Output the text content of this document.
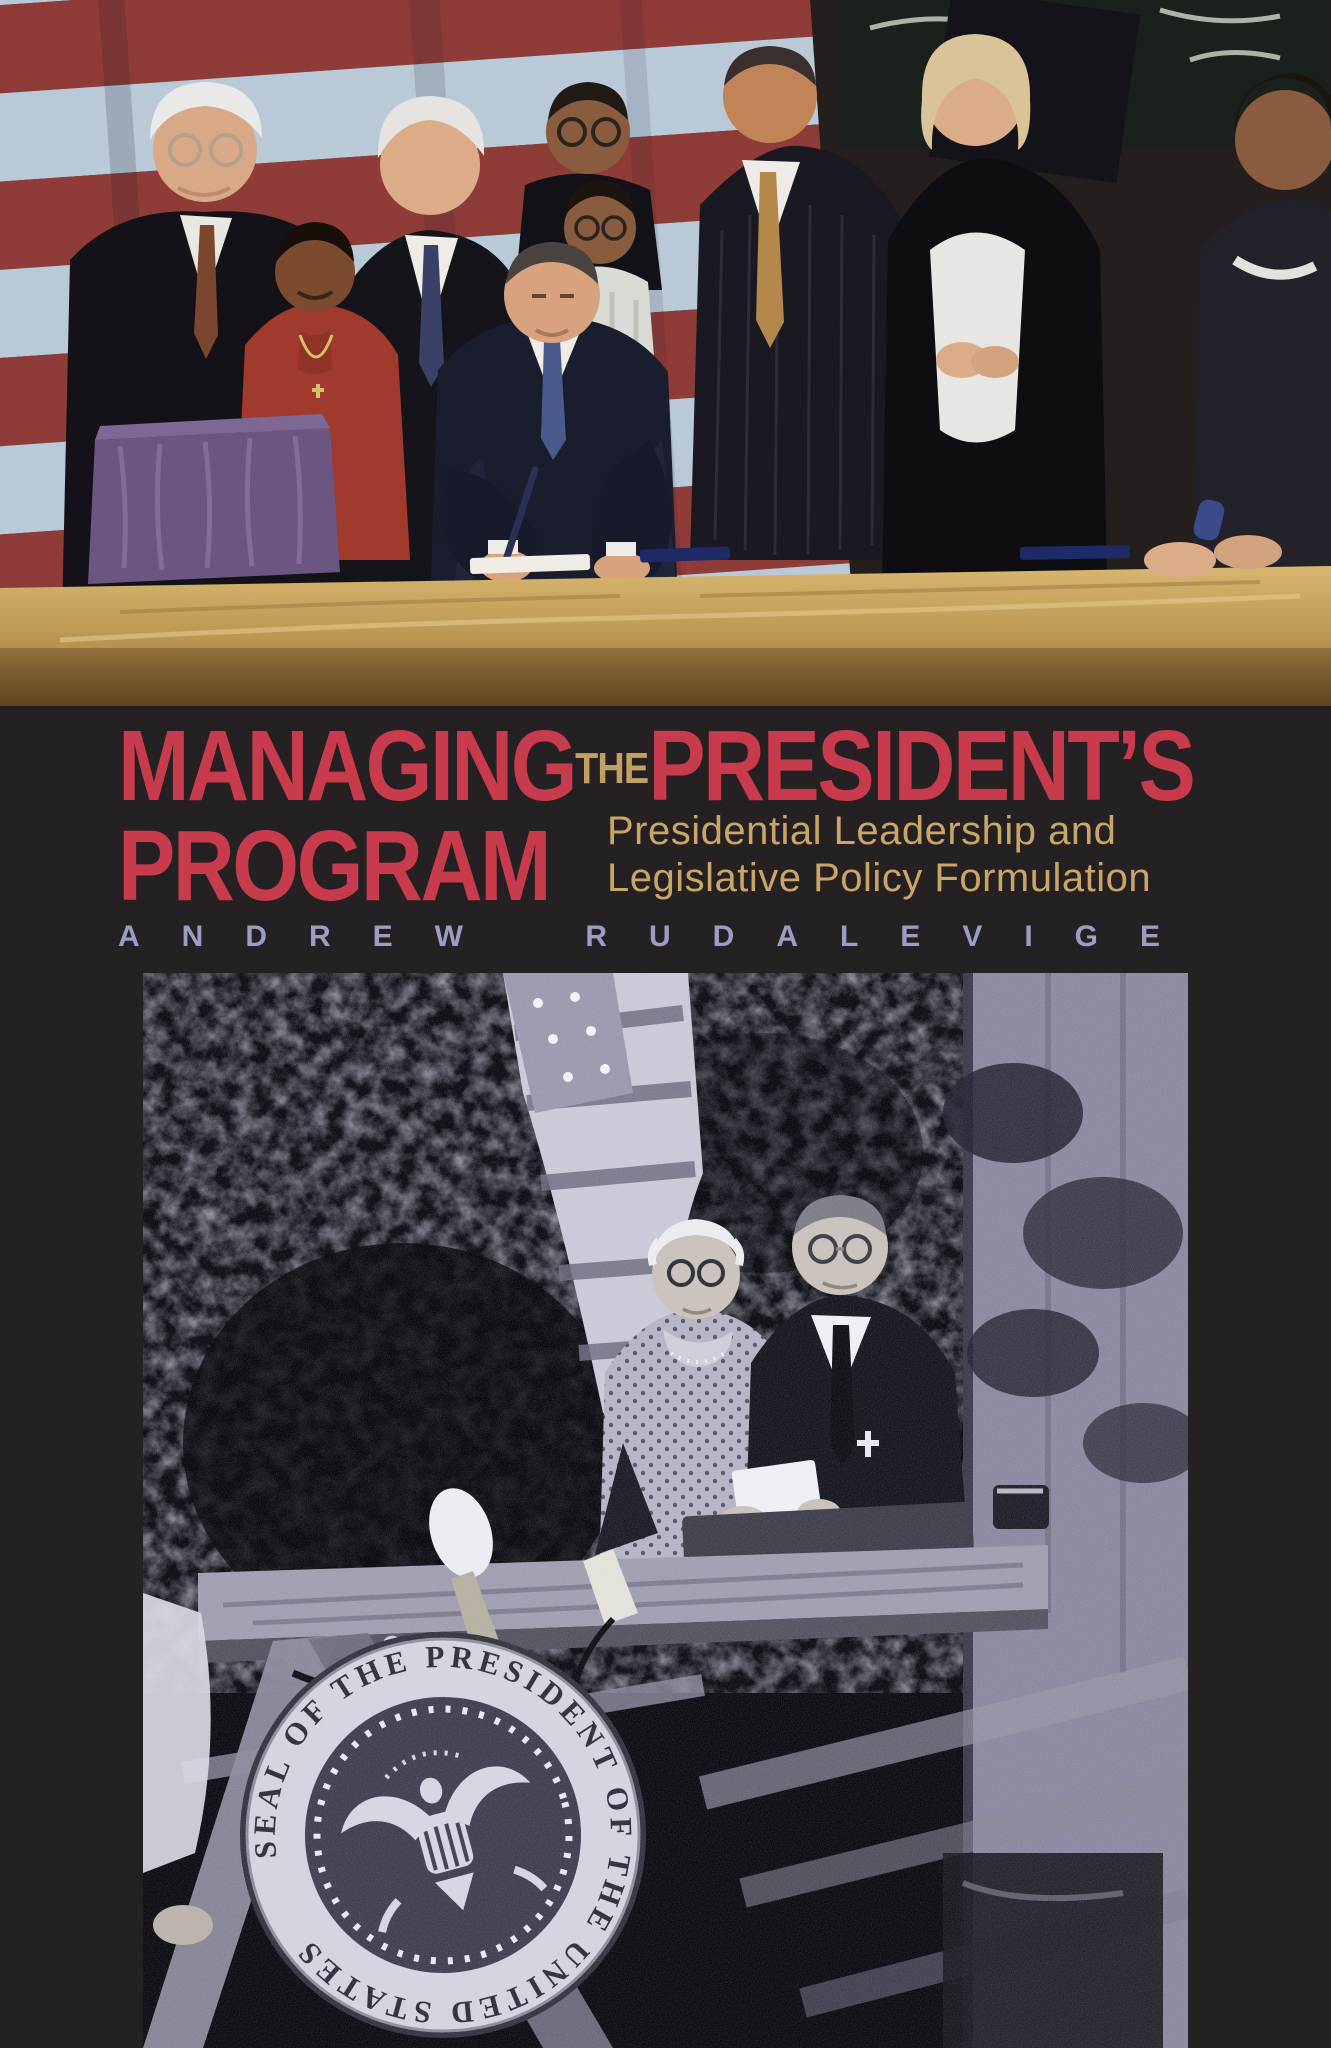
MANAGINGTHEPRESIDENT’S
PROGRAM Presidential Leadership and
Legislative Policy Formulation
ANDREW RUDALEVIGE
